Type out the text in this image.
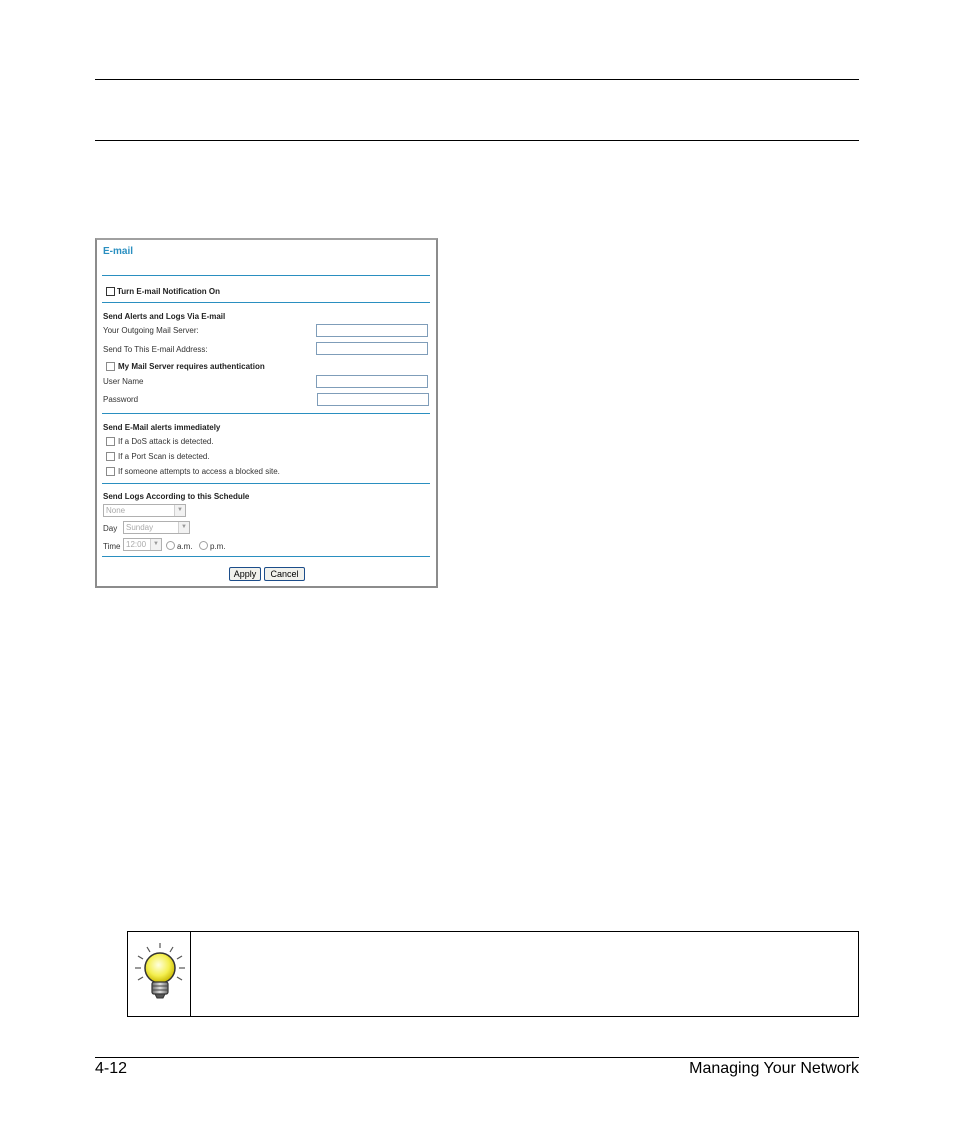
E-mail
Turn E-mail Notification On
Send Alerts and Logs Via E-mail
Your Outgoing Mail Server:
Send To This E-mail Address:
My Mail Server requires authentication
User Name
Password
Send E-Mail alerts immediately
If a DoS attack is detected.
If a Port Scan is detected.
If someone attempts to access a blocked site.
Send Logs According to this Schedule
None	▼
Day	Sunday	▼
Time 12:00	▼ a.m. p.m.
Apply	Cancel
4-12	Managing Your Network
